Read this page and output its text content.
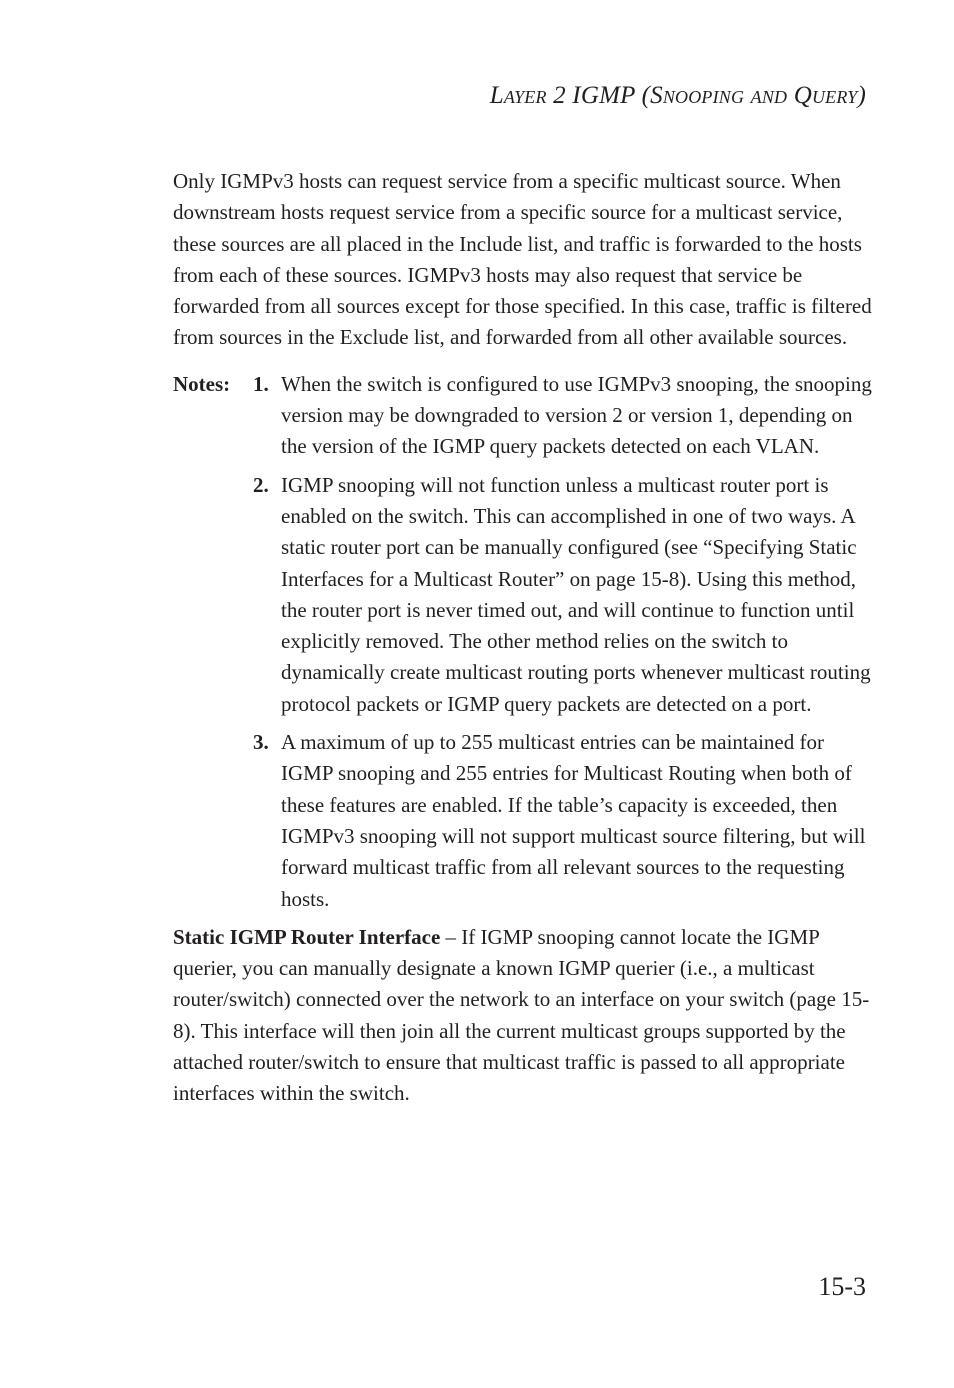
Layer 2 IGMP (Snooping and Query)

Only IGMPv3 hosts can request service from a specific multicast source. When downstream hosts request service from a specific source for a multicast service, these sources are all placed in the Include list, and traffic is forwarded to the hosts from each of these sources. IGMPv3 hosts may also request that service be forwarded from all sources except for those specified. In this case, traffic is filtered from sources in the Exclude list, and forwarded from all other available sources.

Notes: 1. When the switch is configured to use IGMPv3 snooping, the snooping version may be downgraded to version 2 or version 1, depending on the version of the IGMP query packets detected on each VLAN.

2. IGMP snooping will not function unless a multicast router port is enabled on the switch. This can accomplished in one of two ways. A static router port can be manually configured (see “Specifying Static Interfaces for a Multicast Router” on page 15-8). Using this method, the router port is never timed out, and will continue to function until explicitly removed. The other method relies on the switch to dynamically create multicast routing ports whenever multicast routing protocol packets or IGMP query packets are detected on a port.

3. A maximum of up to 255 multicast entries can be maintained for IGMP snooping and 255 entries for Multicast Routing when both of these features are enabled. If the table’s capacity is exceeded, then IGMPv3 snooping will not support multicast source filtering, but will forward multicast traffic from all relevant sources to the requesting hosts.

Static IGMP Router Interface – If IGMP snooping cannot locate the IGMP querier, you can manually designate a known IGMP querier (i.e., a multicast router/switch) connected over the network to an interface on your switch (page 15-8). This interface will then join all the current multicast groups supported by the attached router/switch to ensure that multicast traffic is passed to all appropriate interfaces within the switch.

15-3
